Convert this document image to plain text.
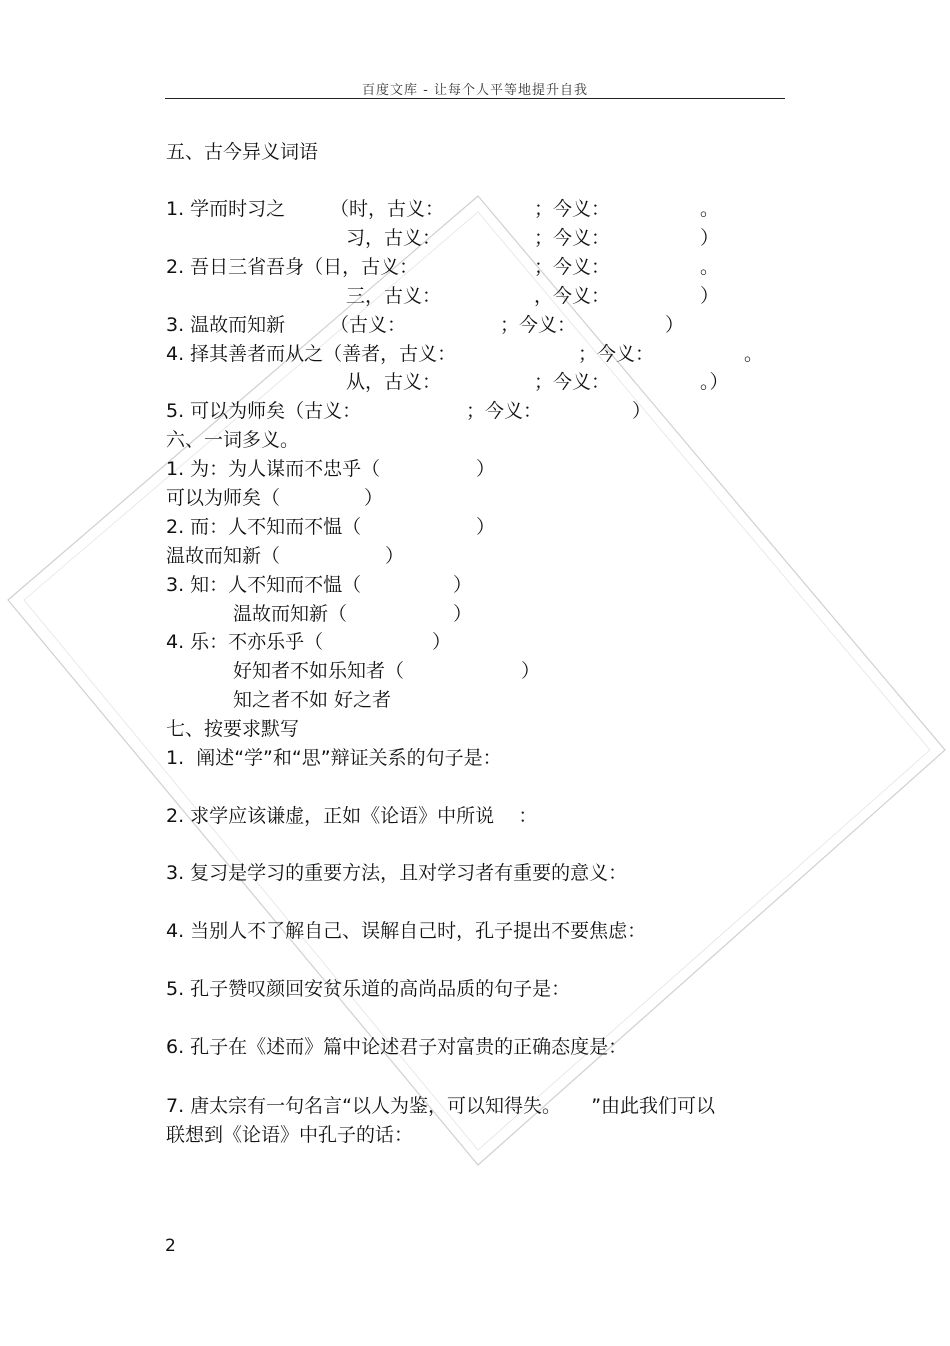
百度文库 - 让每个人平等地提升自我
五、古今异义词语
1. 学而时习之 （时，古义：	；今义：	。
习，古义：	；今义：	）
2. 吾日三省吾身（日，古义：	；今义：	。
三，古义：	，今义：	）
3. 温故而知新 （古义：	；今义：	）
4. 择其善者而从之（善者，古义：	；今义：	。
从，古义：	；今义：	。）
5. 可以为师矣（古义：	；今义：	）
六、一词多义。
1. 为：为人谋而不忠乎（	）
可以为师矣（	）
2. 而：人不知而不愠（	）
温故而知新（	）
3. 知：人不知而不愠（	）
温故而知新（	）
4. 乐：不亦乐乎（	）
好知者不如乐知者（	）
知之者不如 好之者
七、按要求默写
1.  阐述“学”和“思”辩证关系的句子是：
2. 求学应该谦虚，正如《论语》中所说    ：
3. 复习是学习的重要方法，且对学习者有重要的意义：
4. 当别人不了解自己、误解自己时，孔子提出不要焦虑：
5. 孔子赞叹颜回安贫乐道的高尚品质的句子是：
6. 孔子在《述而》篇中论述君子对富贵的正确态度是：
7. 唐太宗有一句名言“以人为鉴，可以知得失。     ”由此我们可以
联想到《论语》中孔子的话：
2
